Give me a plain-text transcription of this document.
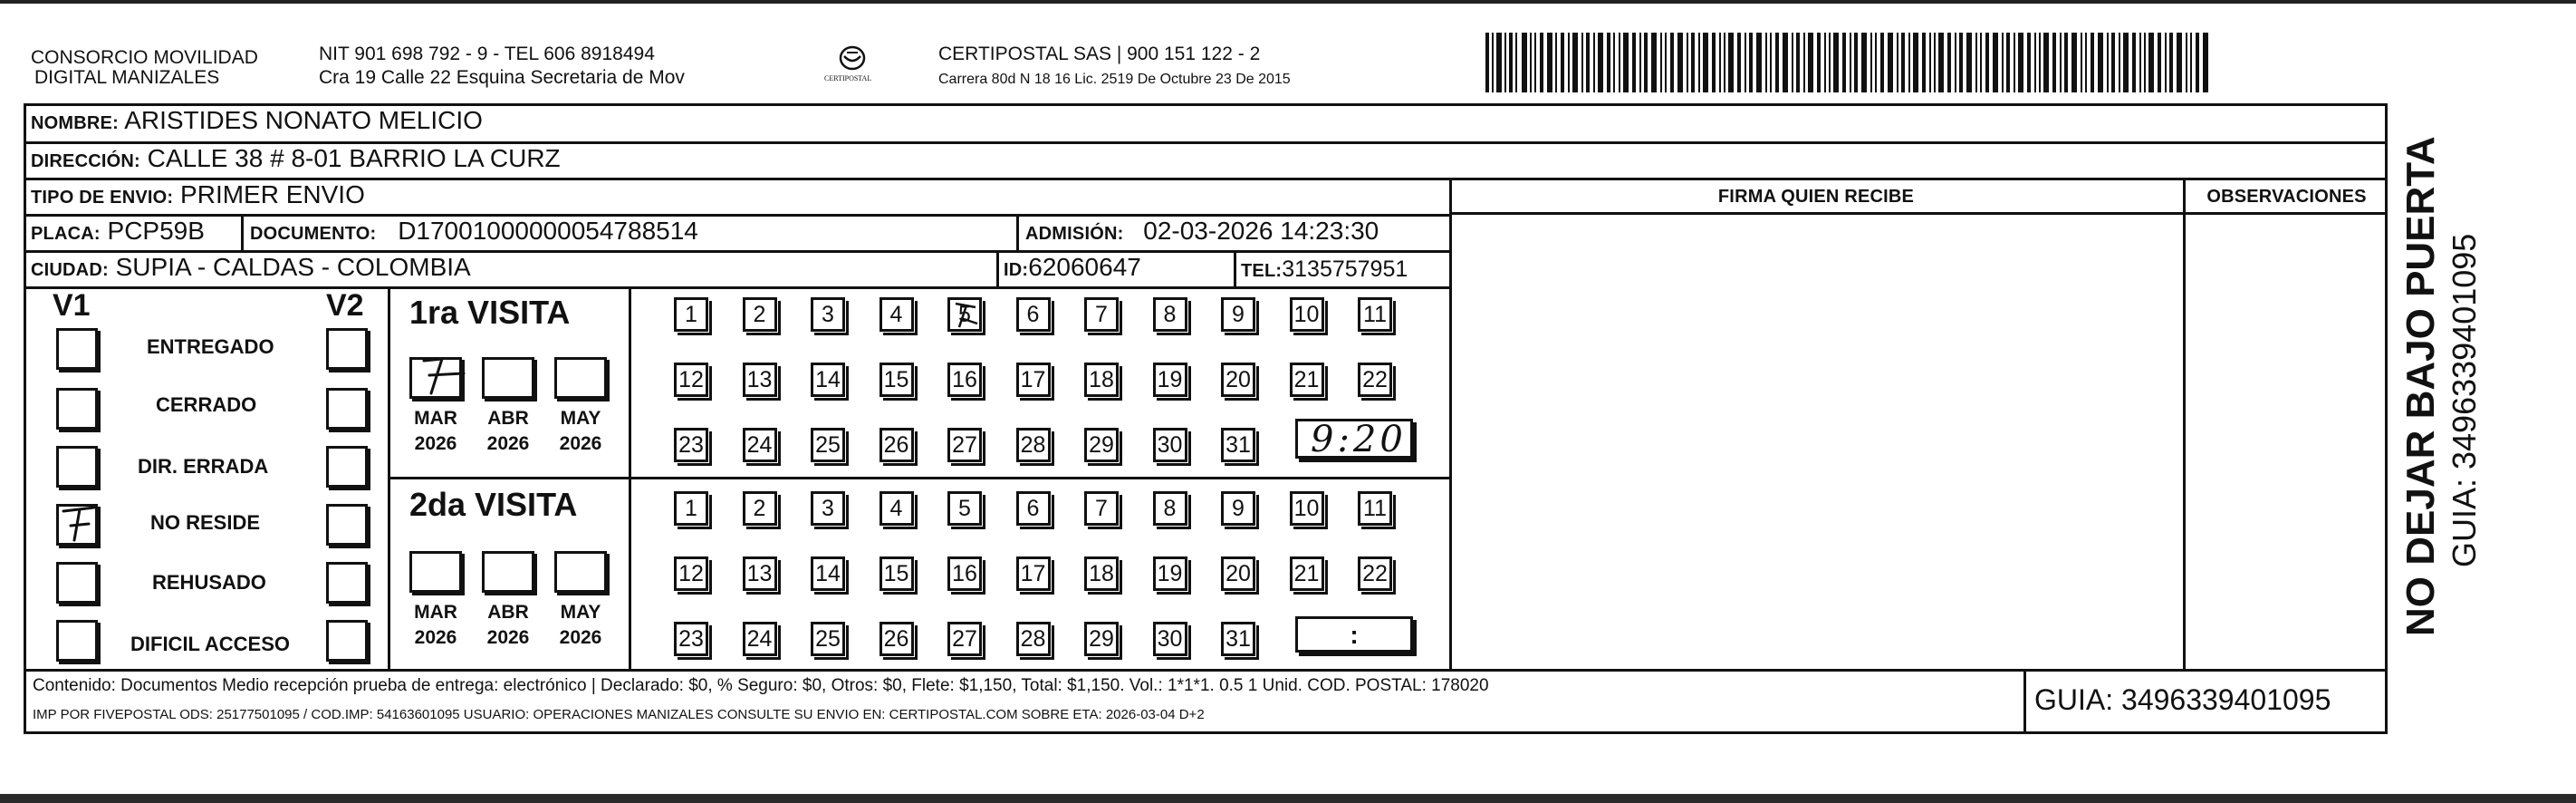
CONSORCIO MOVILIDAD
DIGITAL MANIZALES
NIT 901 698 792 - 9 - TEL 606 8918494
Cra 19 Calle 22 Esquina Secretaria de Mov	CERTIPOSTAL
CERTIPOSTAL SAS | 900 151 122 - 2
Carrera 80d N 18 16 Lic. 2519 De Octubre 23 De 2015
NOMBRE: ARISTIDES NONATO MELICIO
DIRECCIÓN: CALLE 38 # 8-01 BARRIO LA CURZ
TIPO DE ENVIO: PRIMER ENVIO	FIRMA QUIEN RECIBE	OBSERVACIONES
PLACA: PCP59B	DOCUMENTO: D17001000000054788514	ADMISIÓN: 02-03-2026 14:23:30
CIUDAD: SUPIA - CALDAS - COLOMBIA	ID:62060647	TEL:3135757951
V1	V2
ENTREGADO
CERRADO
DIR. ERRADA
NO RESIDE
REHUSADO
DIFICIL ACCESO
1ra VISITA
MAR	ABR	MAY
2026	2026	2026
1	2	3	4	5	6	7	8	9	10 11
12 13 14 15 16 17 18 19 20 21 22
23 24 25 26 27 28 29 30 31 9:20
2da VISITA
MAR	ABR	MAY
2026	2026	2026
1	2	3	4	5	6	7	8	9	10 11
12 13 14 15 16 17 18 19 20 21 22
23 24 25 26 27 28 29 30 31	:
Contenido: Documentos Medio recepción prueba de entrega: electrónico | Declarado: $0, % Seguro: $0, Otros: $0, Flete: $1,150, Total: $1,150. Vol.: 1*1*1. 0.5 1 Unid. COD. POSTAL: 178020
IMP POR FIVEPOSTAL ODS: 25177501095 / COD.IMP: 54163601095 USUARIO: OPERACIONES MANIZALES CONSULTE SU ENVIO EN: CERTIPOSTAL.COM SOBRE ETA: 2026-03-04 D+2	GUIA: 3496339401095
NO DEJAR BAJO PUERTA GUIA: 3496339401095
